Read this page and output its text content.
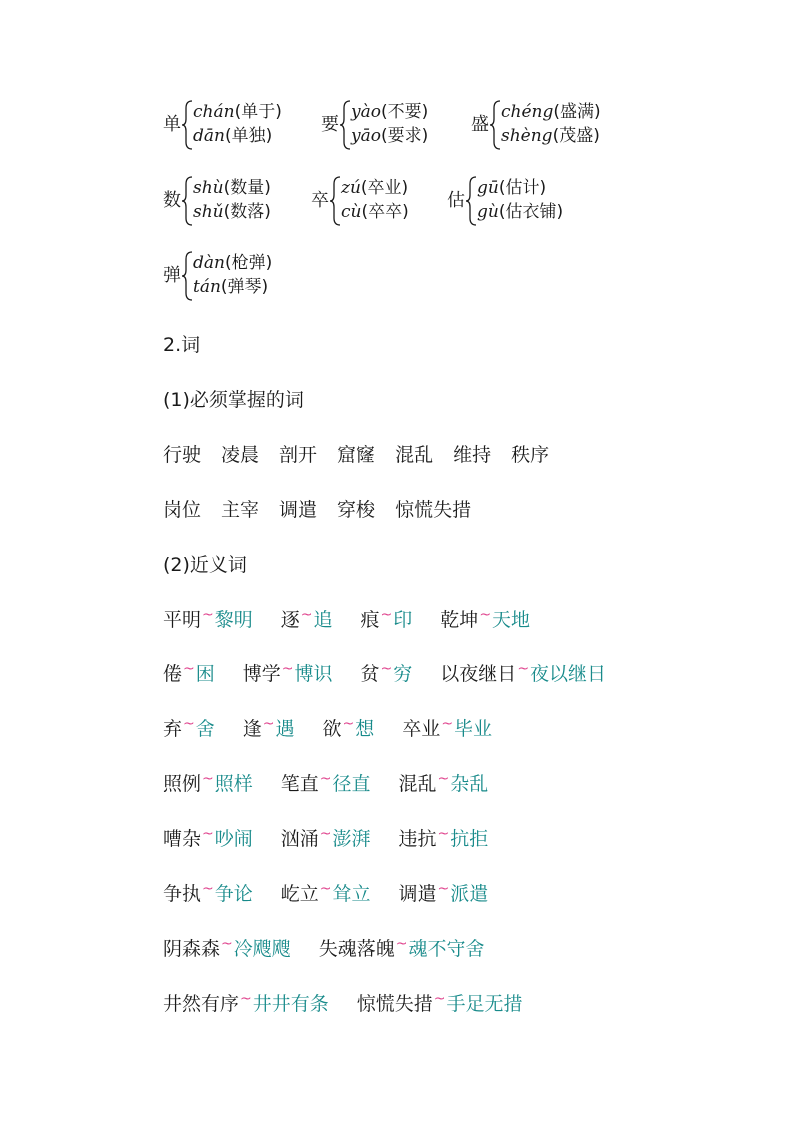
单
chán(单于)
dān(单独)
要
yào(不要)
yāo(要求)
盛
chéng(盛满)
shèng(茂盛)
数
shù(数量)
shǔ(数落)
卒
zú(卒业)
cù(卒卒)
估
gū(估计)
gù(估衣铺)
弹
dàn(枪弹)
tán(弹琴)
2.词
(1)必须掌握的词
行驶 凌晨 剖开 窟窿 混乱 维持 秩序
岗位 主宰 调遣 穿梭 惊慌失措
(2)近义词
平明~黎明 逐~追 痕~印 乾坤~天地
倦~困 博学~博识 贫~穷 以夜继日~夜以继日
弃~舍 逢~遇 欲~想 卒业~毕业
照例~照样 笔直~径直 混乱~杂乱
嘈杂~吵闹 汹涌~澎湃 违抗~抗拒
争执~争论 屹立~耸立 调遣~派遣
阴森森~冷飕飕 失魂落魄~魂不守舍
井然有序~井井有条 惊慌失措~手足无措
